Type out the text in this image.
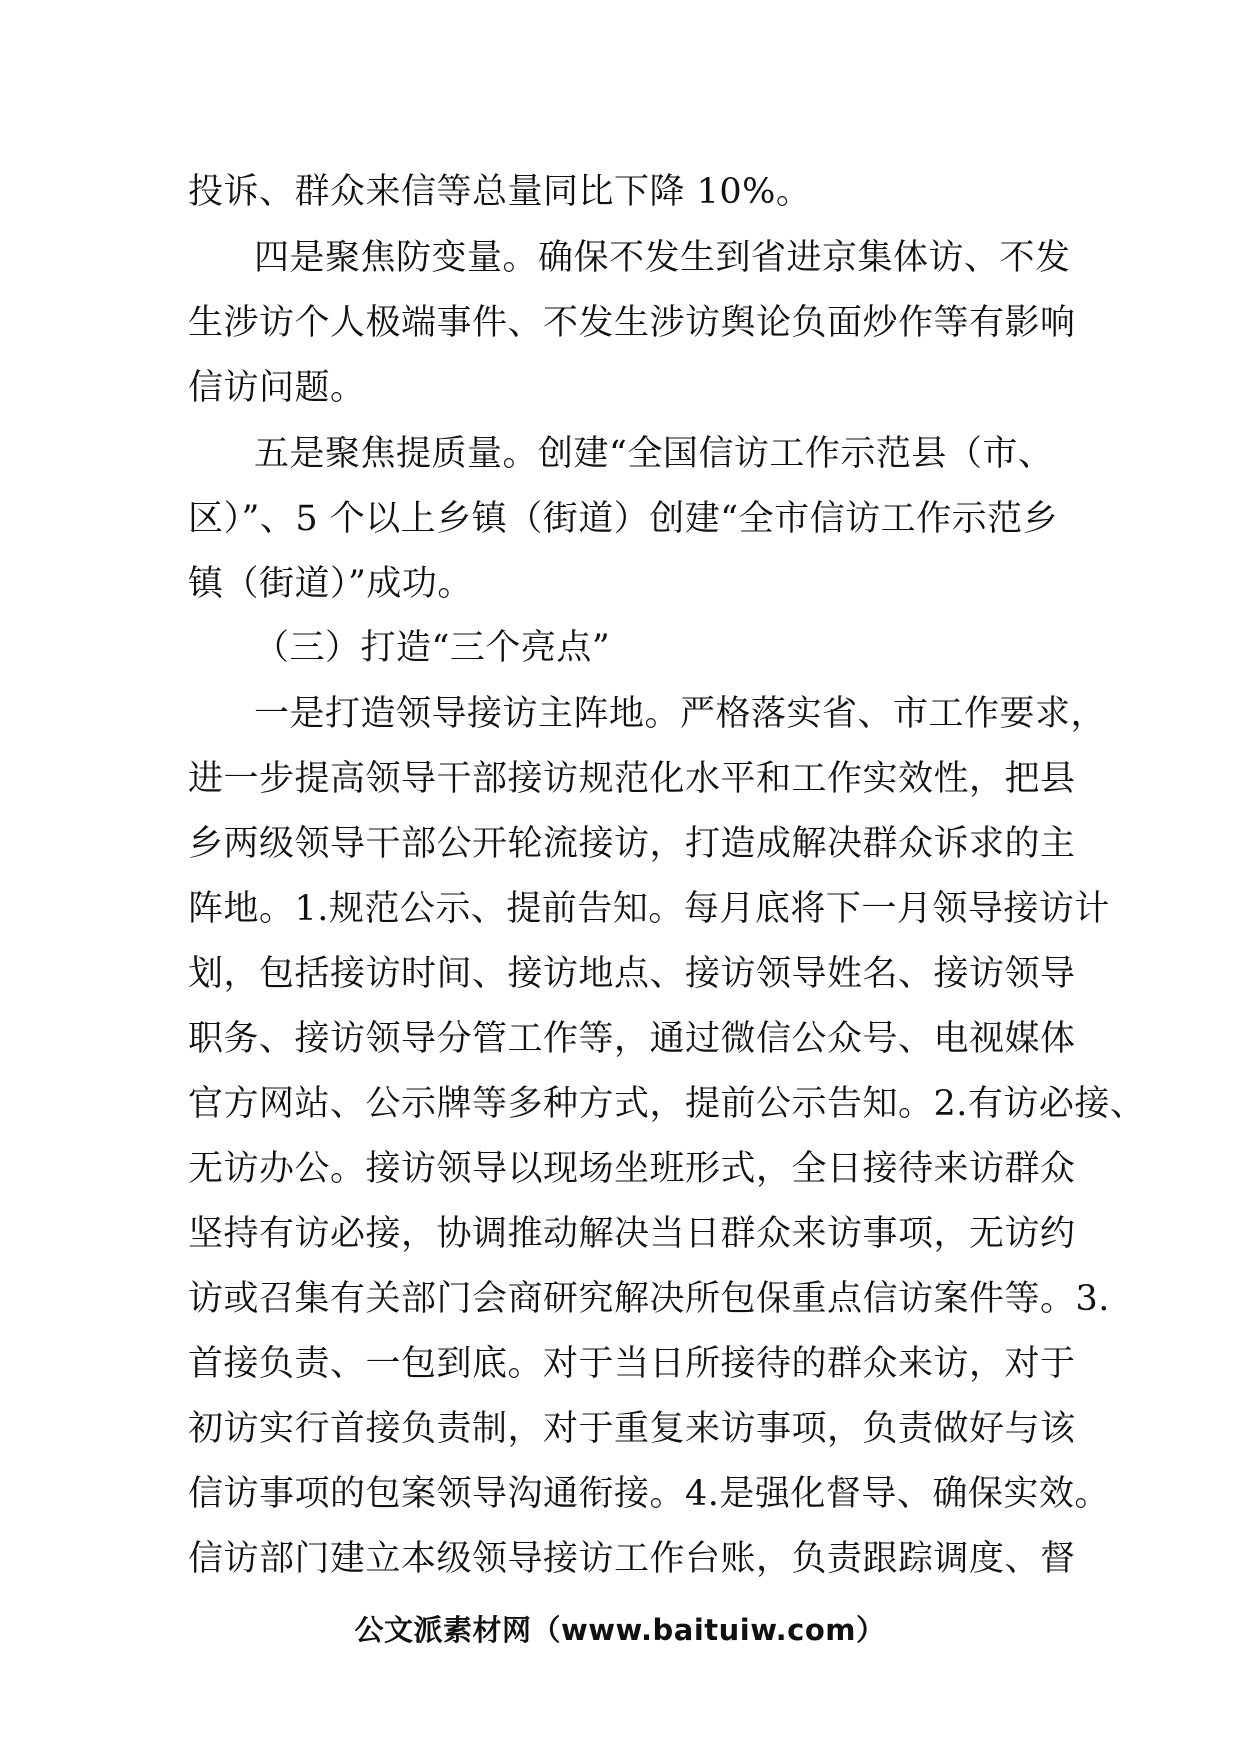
投诉、群众来信等总量同比下降 10%。
四是聚焦防变量。确保不发生到省进京集体访、不发
生涉访个人极端事件、不发生涉访舆论负面炒作等有影响
信访问题。
五是聚焦提质量。创建“全国信访工作示范县（市、
区）”、5 个以上乡镇（街道）创建“全市信访工作示范乡
镇（街道）”成功。
（三）打造“三个亮点”
一是打造领导接访主阵地。严格落实省、市工作要求，
进一步提高领导干部接访规范化水平和工作实效性，把县
乡两级领导干部公开轮流接访，打造成解决群众诉求的主
阵地。1.规范公示、提前告知。每月底将下一月领导接访计
划，包括接访时间、接访地点、接访领导姓名、接访领导
职务、接访领导分管工作等，通过微信公众号、电视媒体
官方网站、公示牌等多种方式，提前公示告知。2.有访必接、
无访办公。接访领导以现场坐班形式，全日接待来访群众
坚持有访必接，协调推动解决当日群众来访事项，无访约
访或召集有关部门会商研究解决所包保重点信访案件等。3.
首接负责、一包到底。对于当日所接待的群众来访，对于
初访实行首接负责制，对于重复来访事项，负责做好与该
信访事项的包案领导沟通衔接。4.是强化督导、确保实效。
信访部门建立本级领导接访工作台账，负责跟踪调度、督
公文派素材网（www.baituiw.com）
